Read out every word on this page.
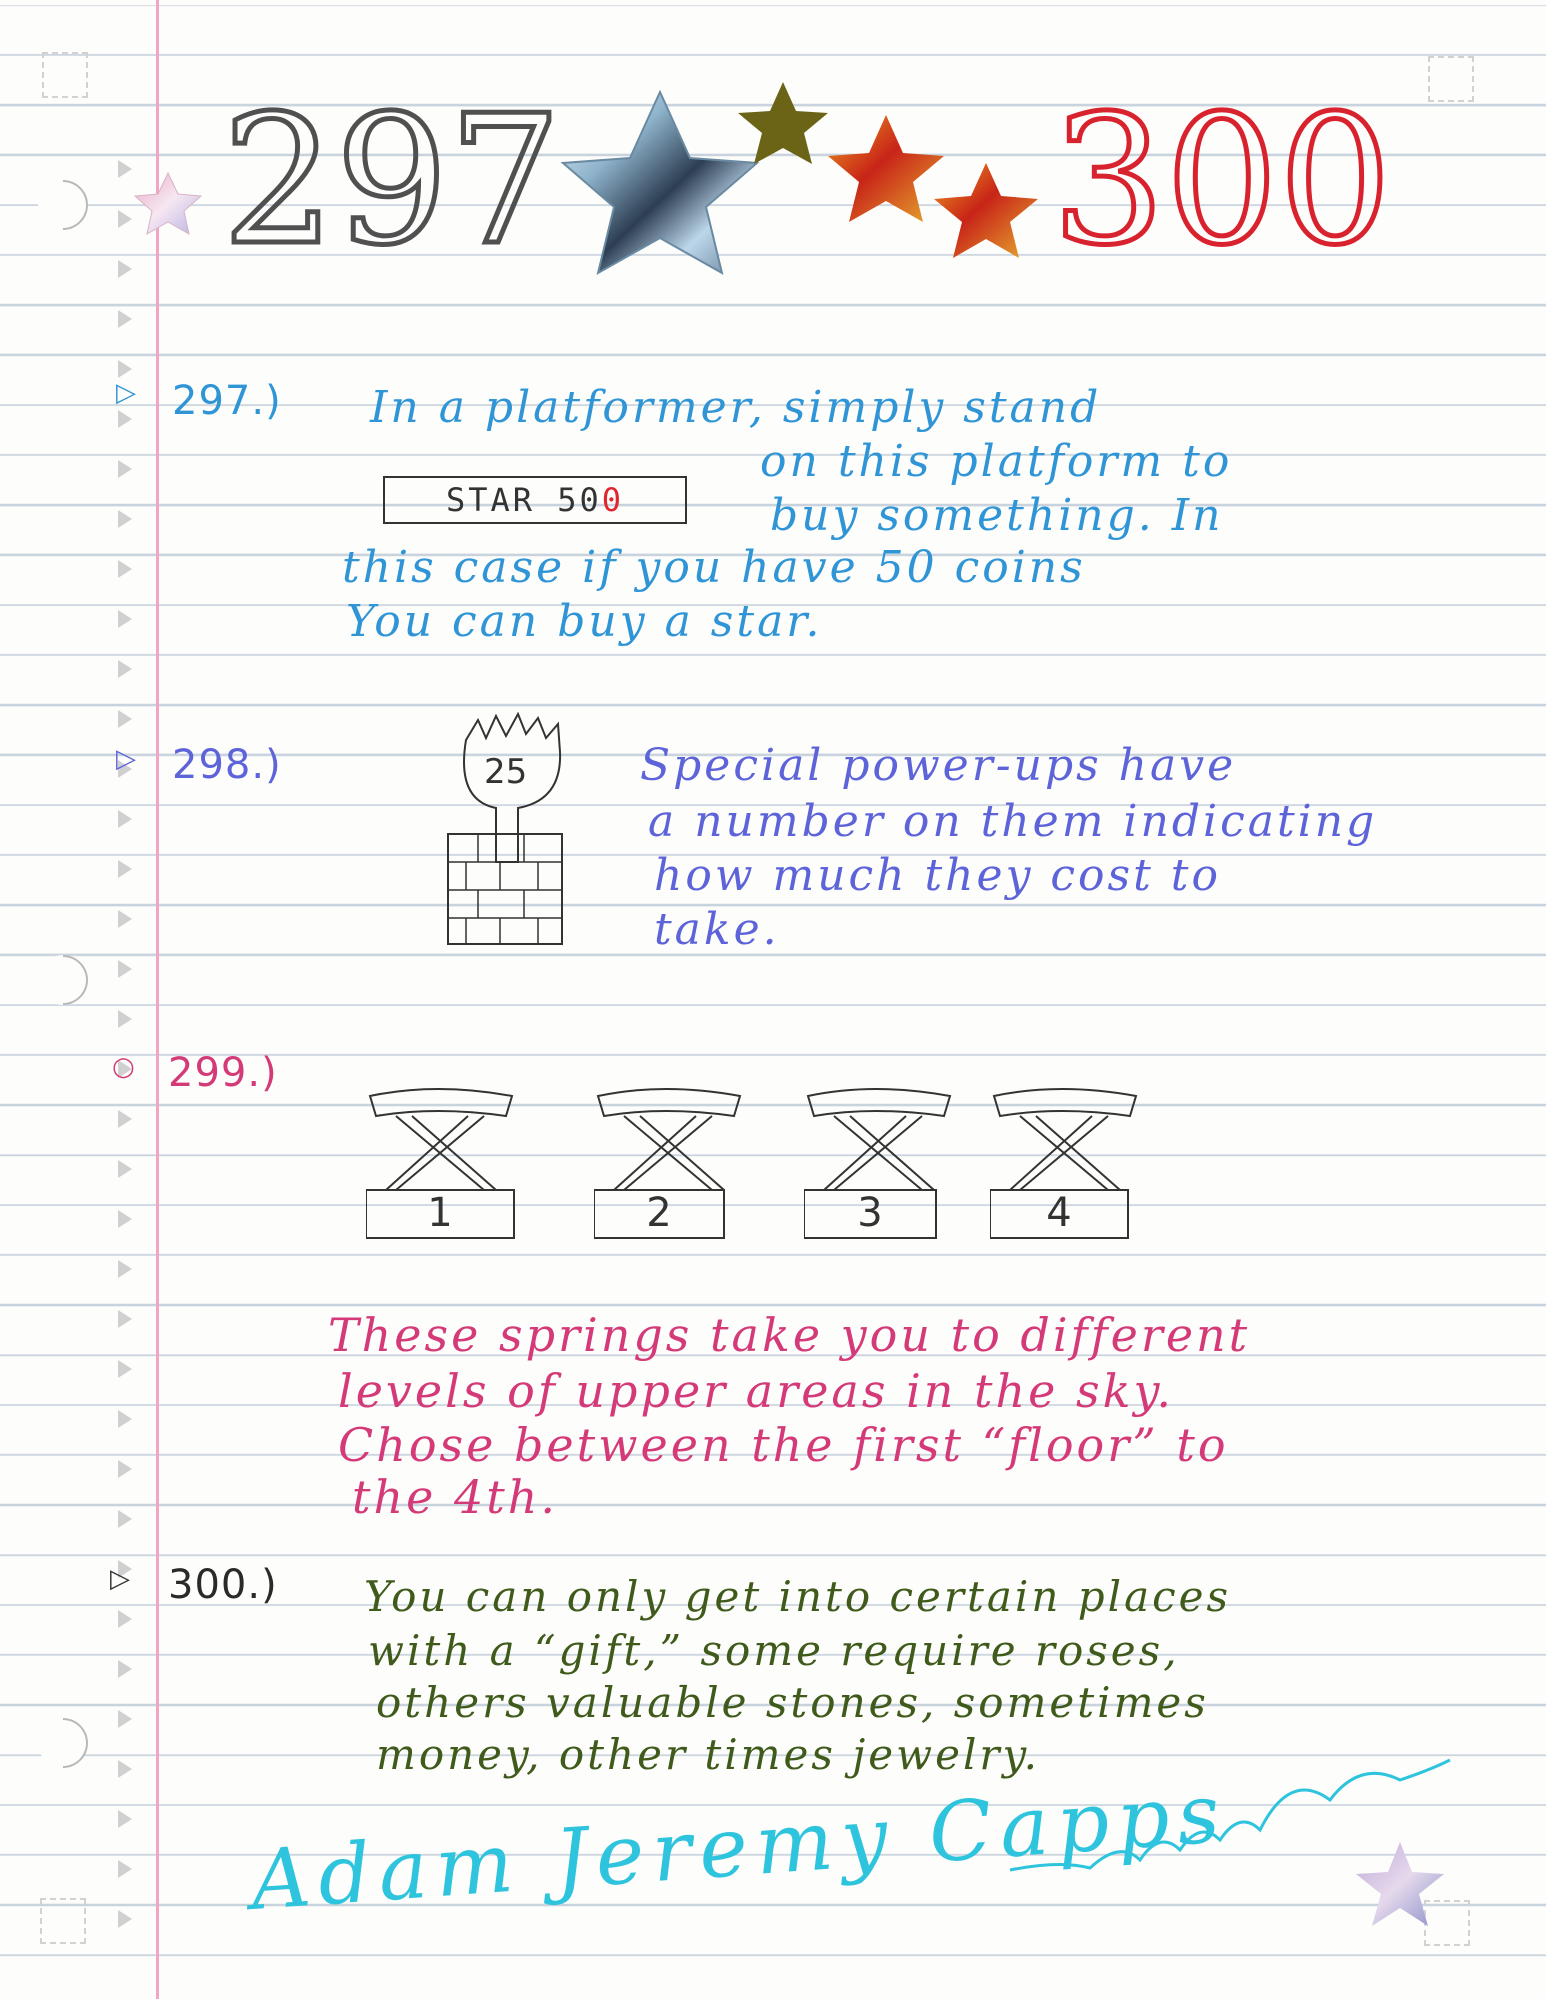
297	300
▷ 297.) In a platformer, simply stand
on this platform to
buy something. In
this case if you have 50 coins
You can buy a star.
STAR 500
▷ 298.)	25	Special power-ups have
a number on them indicating
how much they cost to
take.
○ 299.)
1	2	3	4
These springs take you to different
levels of upper areas in the sky.
Chose between the first “floor” to
the 4th.
▷ 300.) You can only get into certain places
with a “gift,” some require roses,
others valuable stones, sometimes
money, other times jewelry.
Adam Jeremy Capps
